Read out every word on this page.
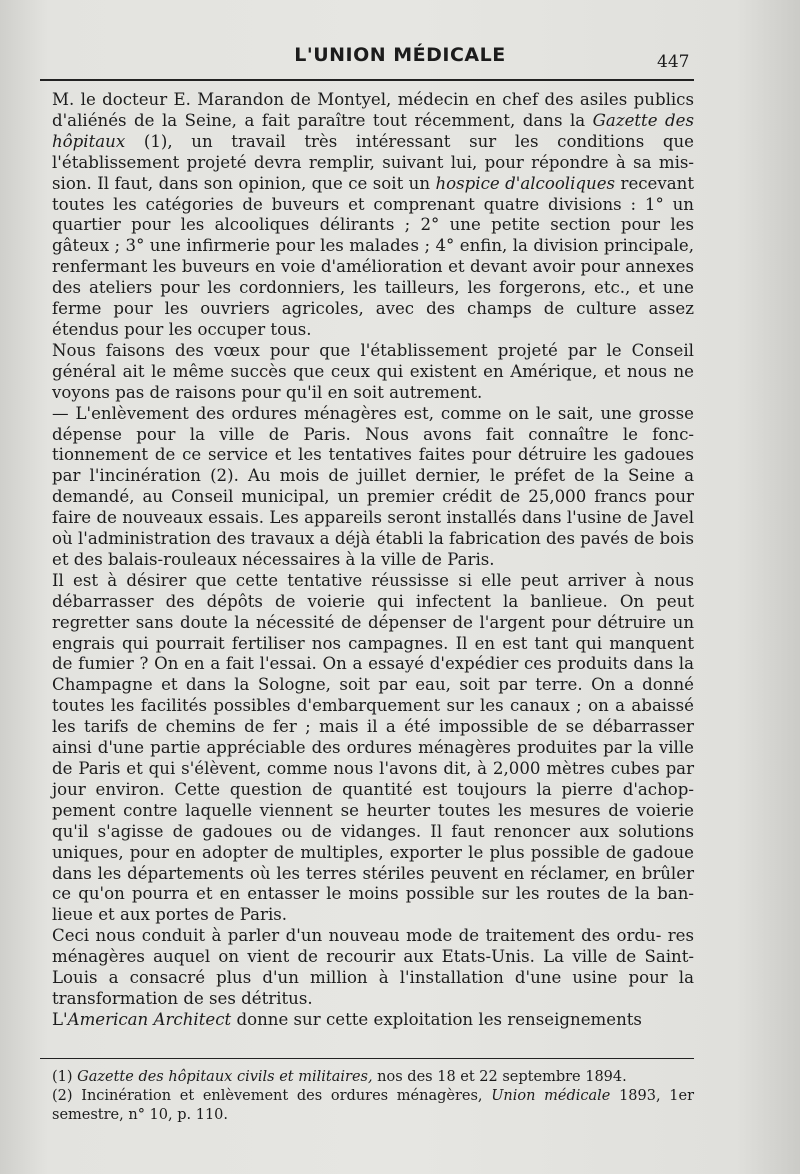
L'UNION MÉDICALE	447

M. le docteur E. Marandon de Montyel, médecin en chef des asiles publics d'aliénés de la Seine, a fait paraître tout récemment, dans la Gazette des hôpitaux (1), un travail très intéressant sur les conditions que l'établissement projeté devra remplir, suivant lui, pour répondre à sa mis- sion. Il faut, dans son opinion, que ce soit un hospice d'alcooliques recevant toutes les catégories de buveurs et comprenant quatre divisions : 1° un quartier pour les alcooliques délirants ; 2° une petite section pour les gâteux ; 3° une infirmerie pour les malades ; 4° enfin, la division principale, renfermant les buveurs en voie d'amélioration et devant avoir pour annexes des ateliers pour les cordonniers, les tailleurs, les forgerons, etc., et une ferme pour les ouvriers agricoles, avec des champs de culture assez étendus pour les occuper tous.

Nous faisons des vœux pour que l'établissement projeté par le Conseil général ait le même succès que ceux qui existent en Amérique, et nous ne voyons pas de raisons pour qu'il en soit autrement.

— L'enlèvement des ordures ménagères est, comme on le sait, une grosse dépense pour la ville de Paris. Nous avons fait connaître le fonc- tionnement de ce service et les tentatives faites pour détruire les gadoues par l'incinération (2). Au mois de juillet dernier, le préfet de la Seine a demandé, au Conseil municipal, un premier crédit de 25,000 francs pour faire de nouveaux essais. Les appareils seront installés dans l'usine de Javel où l'administration des travaux a déjà établi la fabrication des pavés de bois et des balais-rouleaux nécessaires à la ville de Paris.

Il est à désirer que cette tentative réussisse si elle peut arriver à nous débarrasser des dépôts de voierie qui infectent la banlieue. On peut regretter sans doute la nécessité de dépenser de l'argent pour détruire un engrais qui pourrait fertiliser nos campagnes. Il en est tant qui manquent de fumier ? On en a fait l'essai. On a essayé d'expédier ces produits dans la Champagne et dans la Sologne, soit par eau, soit par terre. On a donné toutes les facilités possibles d'embarquement sur les canaux ; on a abaissé les tarifs de chemins de fer ; mais il a été impossible de se débarrasser ainsi d'une partie appréciable des ordures ménagères produites par la ville de Paris et qui s'élèvent, comme nous l'avons dit, à 2,000 mètres cubes par jour environ. Cette question de quantité est toujours la pierre d'achop- pement contre laquelle viennent se heurter toutes les mesures de voierie qu'il s'agisse de gadoues ou de vidanges. Il faut renoncer aux solutions uniques, pour en adopter de multiples, exporter le plus possible de gadoue dans les départements où les terres stériles peuvent en réclamer, en brûler ce qu'on pourra et en entasser le moins possible sur les routes de la ban- lieue et aux portes de Paris.

Ceci nous conduit à parler d'un nouveau mode de traitement des ordu- res ménagères auquel on vient de recourir aux Etats-Unis. La ville de Saint-Louis a consacré plus d'un million à l'installation d'une usine pour la transformation de ses détritus.

L'American Architect donne sur cette exploitation les renseignements

(1) Gazette des hôpitaux civils et militaires, nos des 18 et 22 septembre 1894.

(2) Incinération et enlèvement des ordures ménagères, Union médicale 1893, 1er semestre, n° 10, p. 110.
